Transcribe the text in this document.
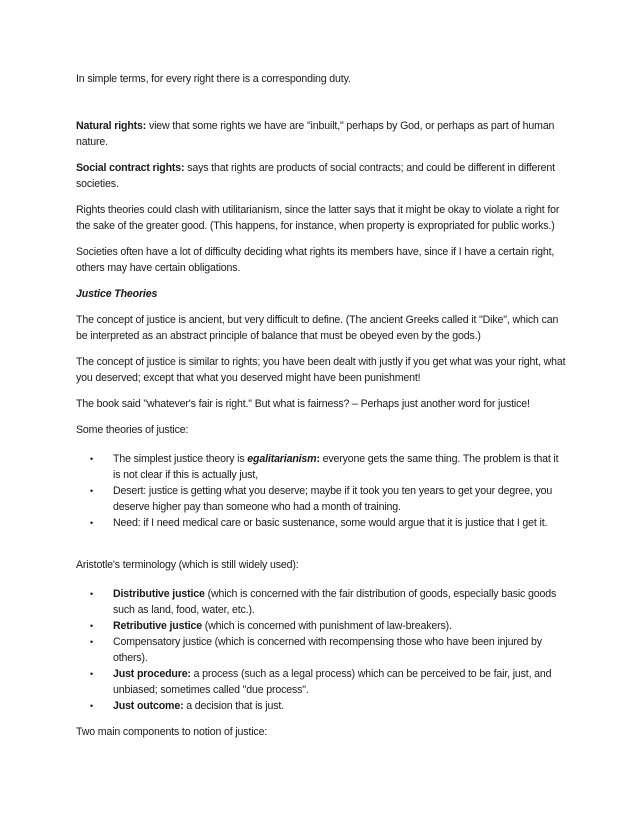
In simple terms, for every right there is a corresponding duty.

Natural rights: view that some rights we have are "inbuilt," perhaps by God, or perhaps as part of human nature.

Social contract rights: says that rights are products of social contracts; and could be different in different societies.

Rights theories could clash with utilitarianism, since the latter says that it might be okay to violate a right for the sake of the greater good. (This happens, for instance, when property is expropriated for public works.)

Societies often have a lot of difficulty deciding what rights its members have, since if I have a certain right, others may have certain obligations.

Justice Theories

The concept of justice is ancient, but very difficult to define. (The ancient Greeks called it "Dike", which can be interpreted as an abstract principle of balance that must be obeyed even by the gods.)

The concept of justice is similar to rights; you have been dealt with justly if you get what was your right, what you deserved; except that what you deserved might have been punishment!

The book said "whatever's fair is right." But what is fairness? – Perhaps just another word for justice!

Some theories of justice:

• The simplest justice theory is egalitarianism: everyone gets the same thing. The problem is that it is not clear if this is actually just,
• Desert: justice is getting what you deserve; maybe if it took you ten years to get your degree, you deserve higher pay than someone who had a month of training.
• Need: if I need medical care or basic sustenance, some would argue that it is justice that I get it.

Aristotle's terminology (which is still widely used):

• Distributive justice (which is concerned with the fair distribution of goods, especially basic goods such as land, food, water, etc.).
• Retributive justice (which is concerned with punishment of law-breakers).
• Compensatory justice (which is concerned with recompensing those who have been injured by others).
• Just procedure: a process (such as a legal process) which can be perceived to be fair, just, and unbiased; sometimes called "due process".
• Just outcome: a decision that is just.

Two main components to notion of justice:
